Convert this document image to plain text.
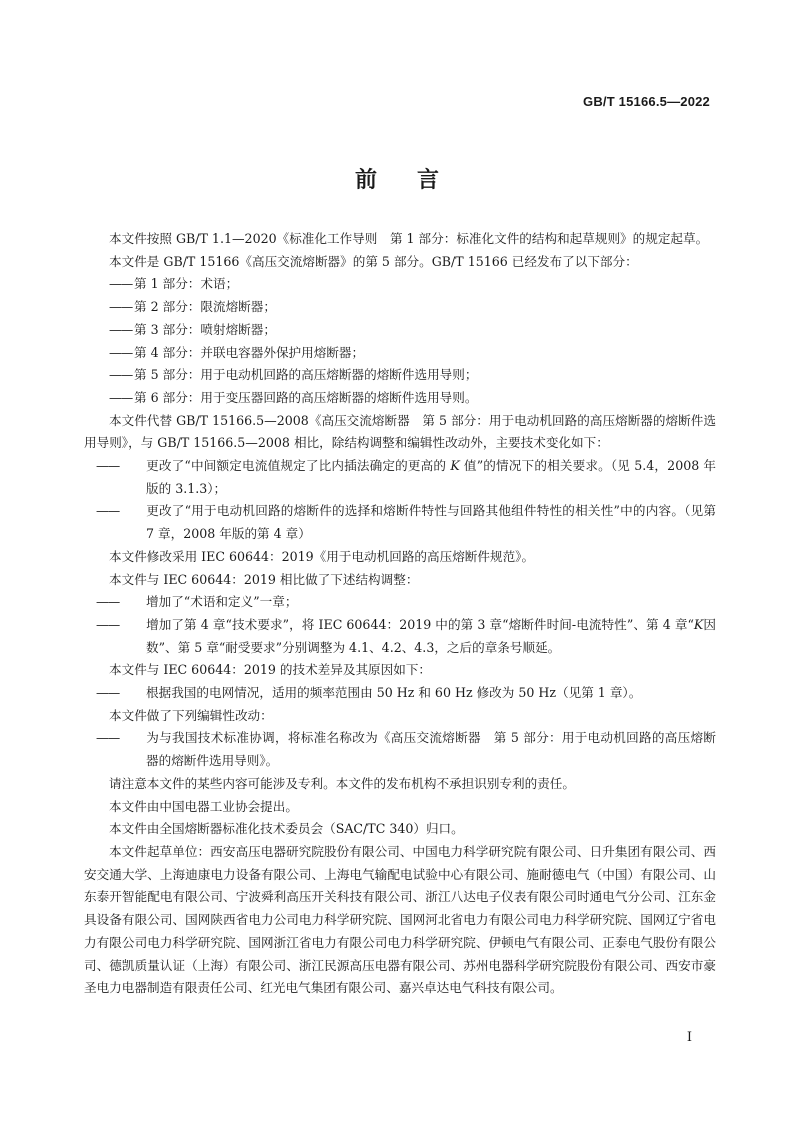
GB/T 15166.5—2022
前言

本文件按照 GB/T 1.1—2020《标准化工作导则　第 1 部分：标准化文件的结构和起草规则》的规定起草。

本文件是 GB/T 15166《高压交流熔断器》的第 5 部分。GB/T 15166 已经发布了以下部分：

—— 第 1 部分：术语；

—— 第 2 部分：限流熔断器；

—— 第 3 部分：喷射熔断器；

—— 第 4 部分：并联电容器外保护用熔断器；

—— 第 5 部分：用于电动机回路的高压熔断器的熔断件选用导则；

—— 第 6 部分：用于变压器回路的高压熔断器的熔断件选用导则。

本文件代替 GB/T 15166.5—2008《高压交流熔断器　第 5 部分：用于电动机回路的高压熔断器的熔断件选用导则》，与 GB/T 15166.5—2008 相比，除结构调整和编辑性改动外，主要技术变化如下：

—— 更改了“中间额定电流值规定了比内插法确定的更高的 K 值”的情况下的相关要求。（见 5.4，2008 年版的 3.1.3）；

—— 更改了“用于电动机回路的熔断件的选择和熔断件特性与回路其他组件特性的相关性”中的内容。（见第 7 章，2008 年版的第 4 章）

本文件修改采用 IEC 60644：2019《用于电动机回路的高压熔断件规范》。

本文件与 IEC 60644：2019 相比做了下述结构调整：

—— 增加了“术语和定义”一章；

—— 增加了第 4 章“技术要求”，将 IEC 60644：2019 中的第 3 章“熔断件时间-电流特性”、第 4 章“K因数”、第 5 章“耐受要求”分别调整为 4.1、4.2、4.3，之后的章条号顺延。

本文件与 IEC 60644：2019 的技术差异及其原因如下：

—— 根据我国的电网情况，适用的频率范围由 50 Hz 和 60 Hz 修改为 50 Hz（见第 1 章）。

本文件做了下列编辑性改动：

—— 为与我国技术标准协调，将标准名称改为《高压交流熔断器　第 5 部分：用于电动机回路的高压熔断器的熔断件选用导则》。

请注意本文件的某些内容可能涉及专利。本文件的发布机构不承担识别专利的责任。

本文件由中国电器工业协会提出。

本文件由全国熔断器标准化技术委员会（SAC/TC 340）归口。

本文件起草单位：西安高压电器研究院股份有限公司、中国电力科学研究院有限公司、日升集团有限公司、西安交通大学、上海迪康电力设备有限公司、上海电气输配电试验中心有限公司、施耐德电气（中国）有限公司、山东泰开智能配电有限公司、宁波舜利高压开关科技有限公司、浙江八达电子仪表有限公司时通电气分公司、江东金具设备有限公司、国网陕西省电力公司电力科学研究院、国网河北省电力有限公司电力科学研究院、国网辽宁省电力有限公司电力科学研究院、国网浙江省电力有限公司电力科学研究院、伊顿电气有限公司、正泰电气股份有限公司、德凯质量认证（上海）有限公司、浙江民源高压电器有限公司、苏州电器科学研究院股份有限公司、西安市豪圣电力电器制造有限责任公司、红光电气集团有限公司、嘉兴卓达电气科技有限公司。

I
